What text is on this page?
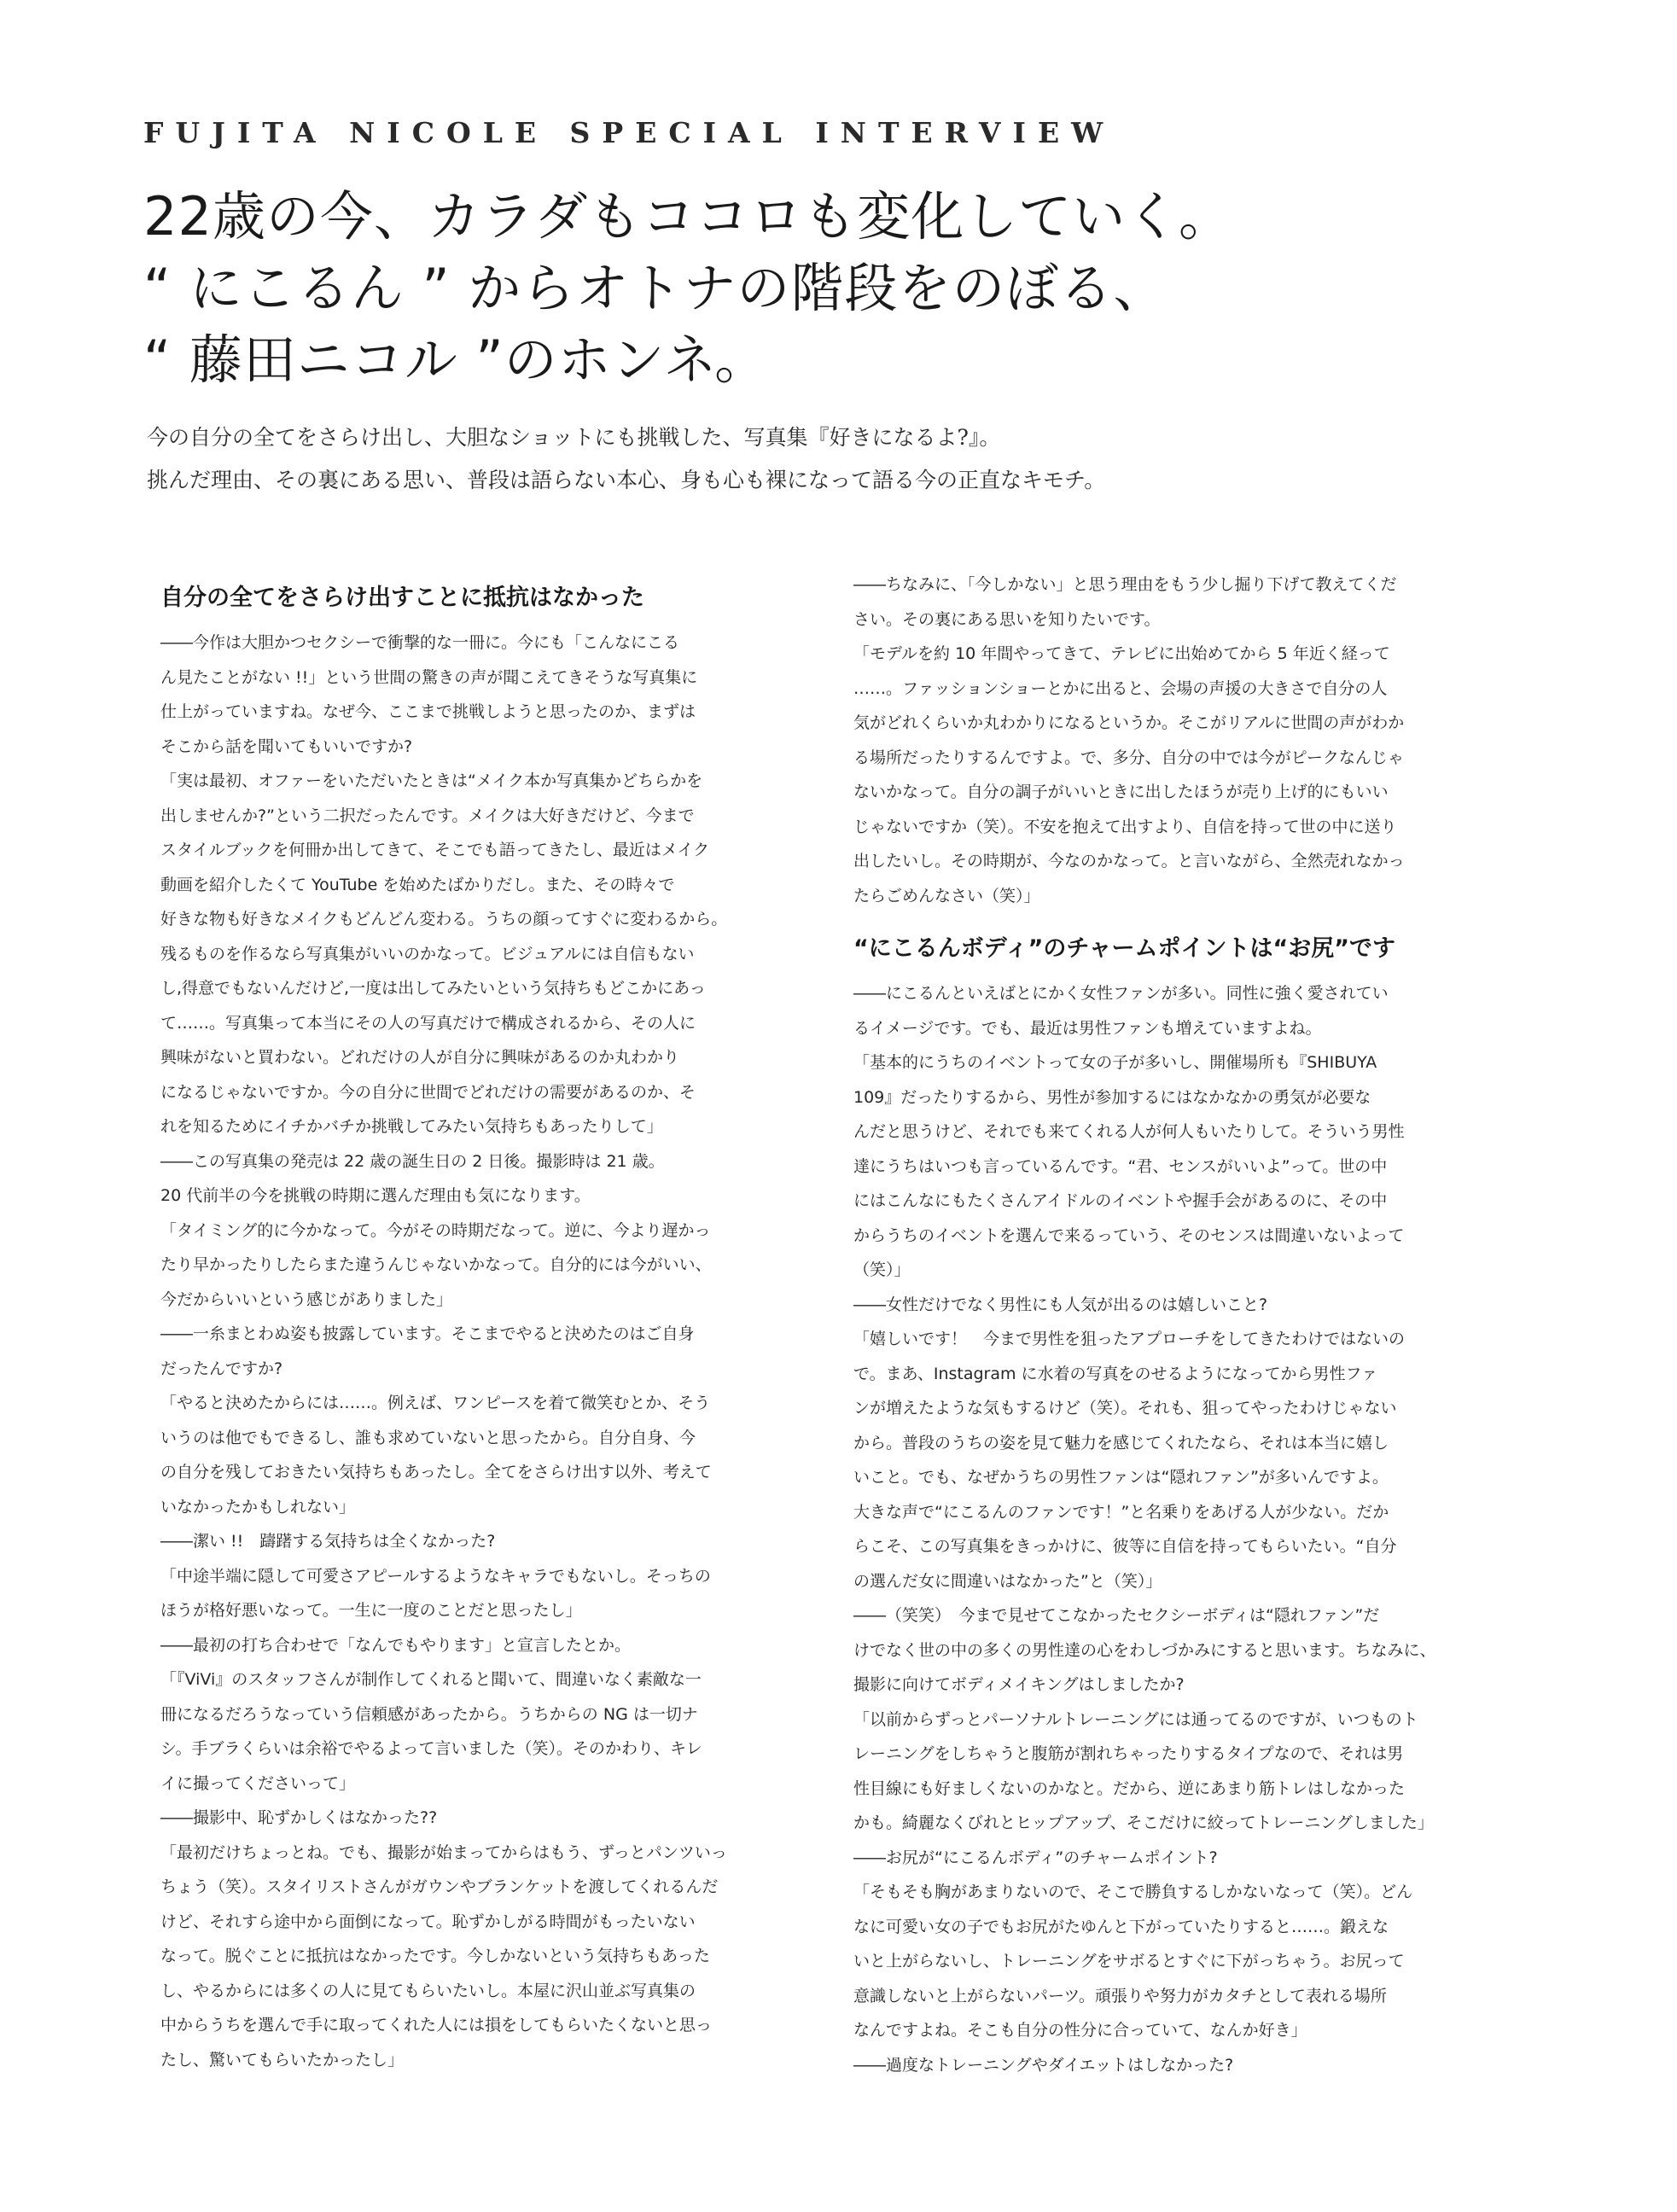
FUJITA NICOLE SPECIAL INTERVIEW
22歳の今、カラダもココロも変化していく。
“ にこるん ” からオトナの階段をのぼる、
“ 藤田ニコル ”のホンネ。
今の自分の全てをさらけ出し、大胆なショットにも挑戦した、写真集『好きになるよ?』。
挑んだ理由、その裏にある思い、普段は語らない本心、身も心も裸になって語る今の正直なキモチ。
自分の全てをさらけ出すことに抵抗はなかった
――今作は大胆かつセクシーで衝撃的な一冊に。今にも「こんなにこる
ん見たことがない !!」という世間の驚きの声が聞こえてきそうな写真集に
仕上がっていますね。なぜ今、ここまで挑戦しようと思ったのか、まずは
そこから話を聞いてもいいですか?
「実は最初、オファーをいただいたときは“メイク本か写真集かどちらかを
出しませんか?”という二択だったんです。メイクは大好きだけど、今まで
スタイルブックを何冊か出してきて、そこでも語ってきたし、最近はメイク
動画を紹介したくて YouTube を始めたばかりだし。また、その時々で
好きな物も好きなメイクもどんどん変わる。うちの顔ってすぐに変わるから。
残るものを作るなら写真集がいいのかなって。ビジュアルには自信もない
し,得意でもないんだけど,一度は出してみたいという気持ちもどこかにあっ
て……。写真集って本当にその人の写真だけで構成されるから、その人に
興味がないと買わない。どれだけの人が自分に興味があるのか丸わかり
になるじゃないですか。今の自分に世間でどれだけの需要があるのか、そ
れを知るためにイチかバチか挑戦してみたい気持ちもあったりして」
――この写真集の発売は 22 歳の誕生日の 2 日後。撮影時は 21 歳。
20 代前半の今を挑戦の時期に選んだ理由も気になります。
「タイミング的に今かなって。今がその時期だなって。逆に、今より遅かっ
たり早かったりしたらまた違うんじゃないかなって。自分的には今がいい、
今だからいいという感じがありました」
――一糸まとわぬ姿も披露しています。そこまでやると決めたのはご自身
だったんですか?
「やると決めたからには……。例えば、ワンピースを着て微笑むとか、そう
いうのは他でもできるし、誰も求めていないと思ったから。自分自身、今
の自分を残しておきたい気持ちもあったし。全てをさらけ出す以外、考えて
いなかったかもしれない」
――潔い !!　躊躇する気持ちは全くなかった?
「中途半端に隠して可愛さアピールするようなキャラでもないし。そっちの
ほうが格好悪いなって。一生に一度のことだと思ったし」
――最初の打ち合わせで「なんでもやります」と宣言したとか。
「『ViVi』のスタッフさんが制作してくれると聞いて、間違いなく素敵な一
冊になるだろうなっていう信頼感があったから。うちからの NG は一切ナ
シ。手ブラくらいは余裕でやるよって言いました（笑）。そのかわり、キレ
イに撮ってくださいって」
――撮影中、恥ずかしくはなかった??
「最初だけちょっとね。でも、撮影が始まってからはもう、ずっとパンツいっ
ちょう（笑）。スタイリストさんがガウンやブランケットを渡してくれるんだ
けど、それすら途中から面倒になって。恥ずかしがる時間がもったいない
なって。脱ぐことに抵抗はなかったです。今しかないという気持ちもあった
し、やるからには多くの人に見てもらいたいし。本屋に沢山並ぶ写真集の
中からうちを選んで手に取ってくれた人には損をしてもらいたくないと思っ
たし、驚いてもらいたかったし」
――ちなみに、「今しかない」と思う理由をもう少し掘り下げて教えてくだ
さい。その裏にある思いを知りたいです。
「モデルを約 10 年間やってきて、テレビに出始めてから 5 年近く経って
……。ファッションショーとかに出ると、会場の声援の大きさで自分の人
気がどれくらいか丸わかりになるというか。そこがリアルに世間の声がわか
る場所だったりするんですよ。で、多分、自分の中では今がピークなんじゃ
ないかなって。自分の調子がいいときに出したほうが売り上げ的にもいい
じゃないですか（笑）。不安を抱えて出すより、自信を持って世の中に送り
出したいし。その時期が、今なのかなって。と言いながら、全然売れなかっ
たらごめんなさい（笑）」
“にこるんボディ”のチャームポイントは“お尻”です
――にこるんといえばとにかく女性ファンが多い。同性に強く愛されてい
るイメージです。でも、最近は男性ファンも増えていますよね。
「基本的にうちのイベントって女の子が多いし、開催場所も『SHIBUYA
109』だったりするから、男性が参加するにはなかなかの勇気が必要な
んだと思うけど、それでも来てくれる人が何人もいたりして。そういう男性
達にうちはいつも言っているんです。“君、センスがいいよ”って。世の中
にはこんなにもたくさんアイドルのイベントや握手会があるのに、その中
からうちのイベントを選んで来るっていう、そのセンスは間違いないよって
（笑）」
――女性だけでなく男性にも人気が出るのは嬉しいこと?
「嬉しいです！　今まで男性を狙ったアプローチをしてきたわけではないの
で。まあ、Instagram に水着の写真をのせるようになってから男性ファ
ンが増えたような気もするけど（笑）。それも、狙ってやったわけじゃない
から。普段のうちの姿を見て魅力を感じてくれたなら、それは本当に嬉し
いこと。でも、なぜかうちの男性ファンは“隠れファン”が多いんですよ。
大きな声で“にこるんのファンです！”と名乗りをあげる人が少ない。だか
らこそ、この写真集をきっかけに、彼等に自信を持ってもらいたい。“自分
の選んだ女に間違いはなかった”と（笑）」
――（笑笑）　今まで見せてこなかったセクシーボディは“隠れファン”だ
けでなく世の中の多くの男性達の心をわしづかみにすると思います。ちなみに、
撮影に向けてボディメイキングはしましたか?
「以前からずっとパーソナルトレーニングには通ってるのですが、いつものト
レーニングをしちゃうと腹筋が割れちゃったりするタイプなので、それは男
性目線にも好ましくないのかなと。だから、逆にあまり筋トレはしなかった
かも。綺麗なくびれとヒップアップ、そこだけに絞ってトレーニングしました」
――お尻が“にこるんボディ”のチャームポイント?
「そもそも胸があまりないので、そこで勝負するしかないなって（笑）。どん
なに可愛い女の子でもお尻がたゆんと下がっていたりすると……。鍛えな
いと上がらないし、トレーニングをサボるとすぐに下がっちゃう。お尻って
意識しないと上がらないパーツ。頑張りや努力がカタチとして表れる場所
なんですよね。そこも自分の性分に合っていて、なんか好き」
――過度なトレーニングやダイエットはしなかった?
